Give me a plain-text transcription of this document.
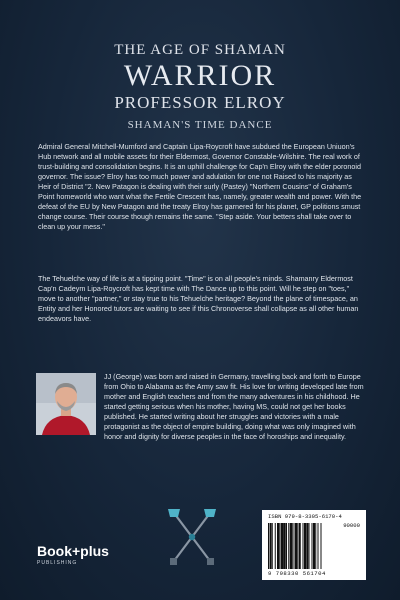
THE AGE OF SHAMAN
WARRIOR
PROFESSOR ELROY
SHAMAN'S TIME DANCE

Admiral General Mitchell-Mumford and Captain Lipa-Roycroft have subdued the European Uniuon's Hub network and all mobile assets for their Eldermost, Governor Constable-Wilshire. The real work of trust-building and consolidation begins. It is an uphill challenge for Cap'n Elroy with the elder poronoid governor. The issue? Elroy has too much power and adulation for one not Raised to his majority as Heir of District "2. New Patagon is dealing with their surly (Pastey) "Northern Cousins" of Graham's Point homeworld who want what the Fertile Crescent has, namely, greater wealth and power. With the defeat of the EU by New Patagon and the treaty Elroy has garnered for his planet, GP politions smust change course. Their course though remains the same. "Step aside. Your betters shall take over to clean up your mess."

The Tehuelche way of life is at a tipping point. "Time" is on all people's minds. Shamanry Eldermost Cap'n Cadeym Lipa-Roycroft has kept time with The Dance up to this point. Will he step on "toes," move to another "partner," or stay true to his Tehuelche heritage? Beyond the plane of timespace, an Entity and her Honored tutors are waiting to see if this Chronoverse shall collapse as all other human endeavors have.

JJ (George) was born and raised in Germany, travelling back and forth to Europe from Ohio to Alabama as the Army saw fit. His love for writing developed late from mother and English teachers and from the many adventures in his childhood. He started getting serious when his mother, having MS, could not get her books published. He started writing about her struggles and victories with a male protagonist as the object of empire building, doing what was only imagined with honor and dignity for diverse peoples in the face of horoships and inequality.

Book+plus
PUBLISHING
ISBN 979-8-3305-6170-4
90000
9 798330 561704
